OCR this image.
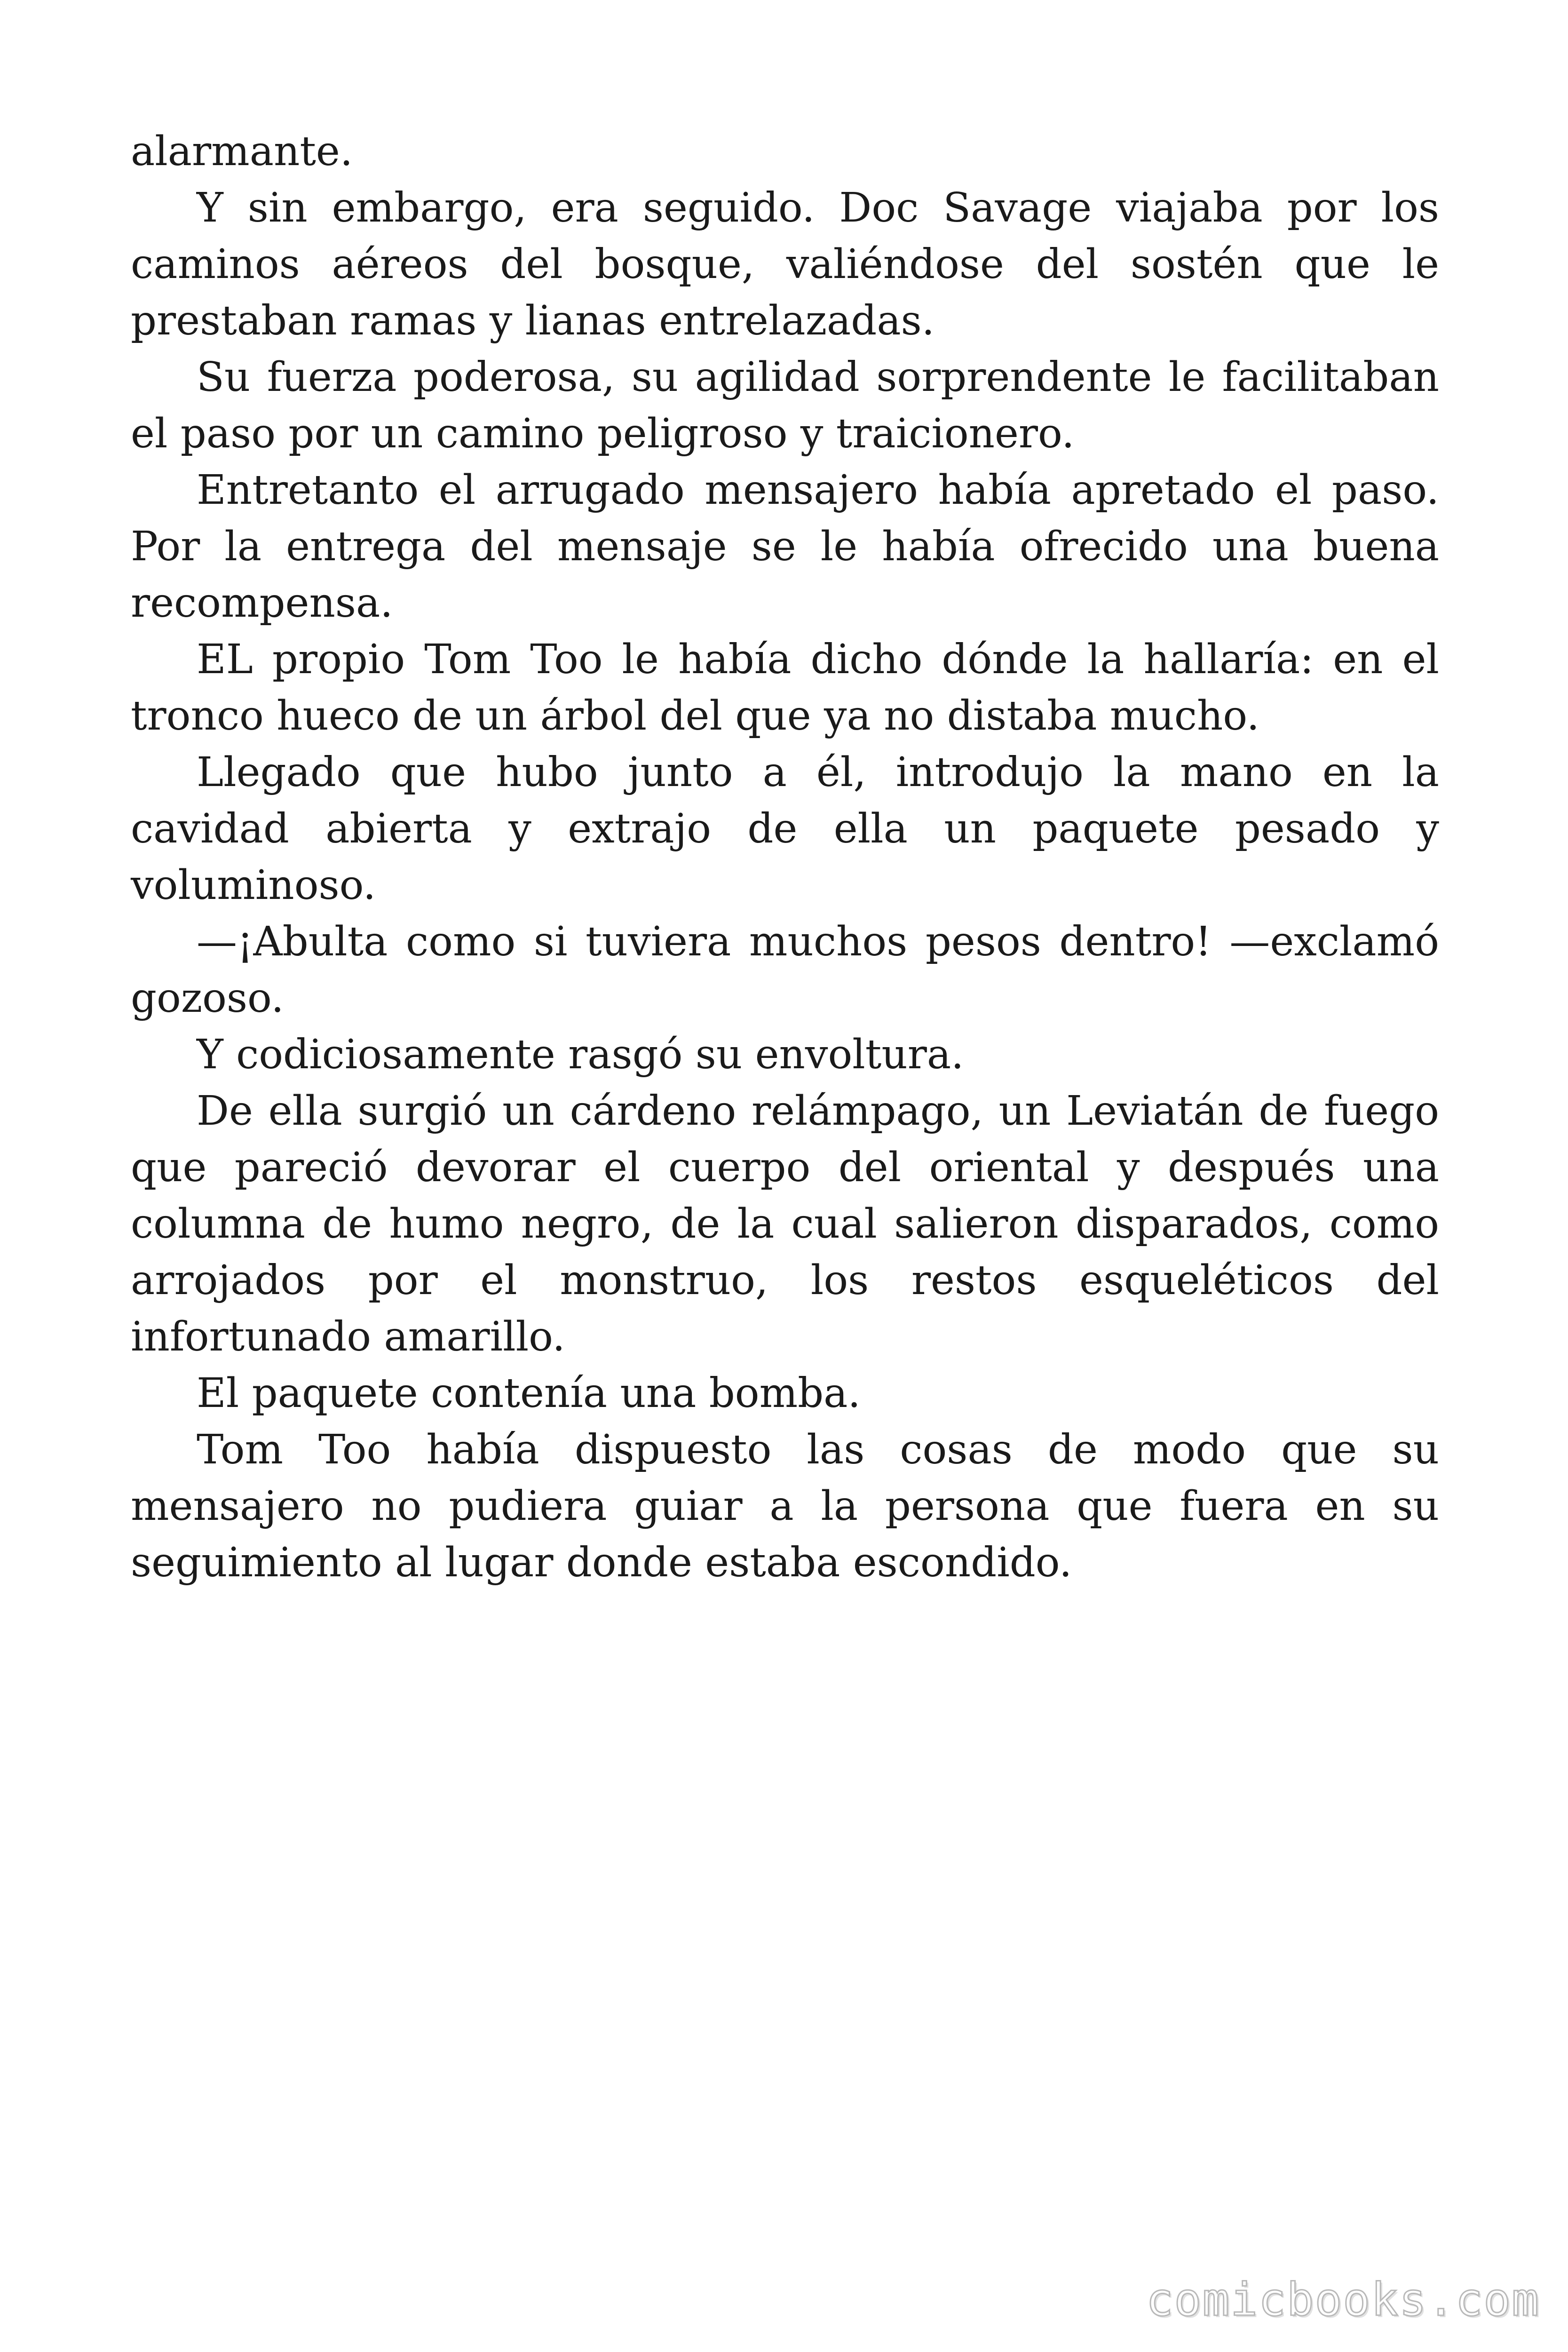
alarmante.

Y sin embargo, era seguido. Doc Savage viajaba por los caminos aéreos del bosque, valiéndose del sostén que le prestaban ramas y lianas entrelazadas.

Su fuerza poderosa, su agilidad sorprendente le facilitaban el paso por un camino peligroso y traicionero.

Entretanto el arrugado mensajero había apretado el paso. Por la entrega del mensaje se le había ofrecido una buena recompensa.

EL propio Tom Too le había dicho dónde la hallaría: en el tronco hueco de un árbol del que ya no distaba mucho.

Llegado que hubo junto a él, introdujo la mano en la cavidad abierta y extrajo de ella un paquete pesado y voluminoso.

—¡Abulta como si tuviera muchos pesos dentro! —exclamó gozoso.

Y codiciosamente rasgó su envoltura.

De ella surgió un cárdeno relámpago, un Leviatán de fuego que pareció devorar el cuerpo del oriental y después una columna de humo negro, de la cual salieron disparados, como arrojados por el monstruo, los restos esqueléticos del infortunado amarillo.

El paquete contenía una bomba.

Tom Too había dispuesto las cosas de modo que su mensajero no pudiera guiar a la persona que fuera en su seguimiento al lugar donde estaba escondido.

comicbooks.com
